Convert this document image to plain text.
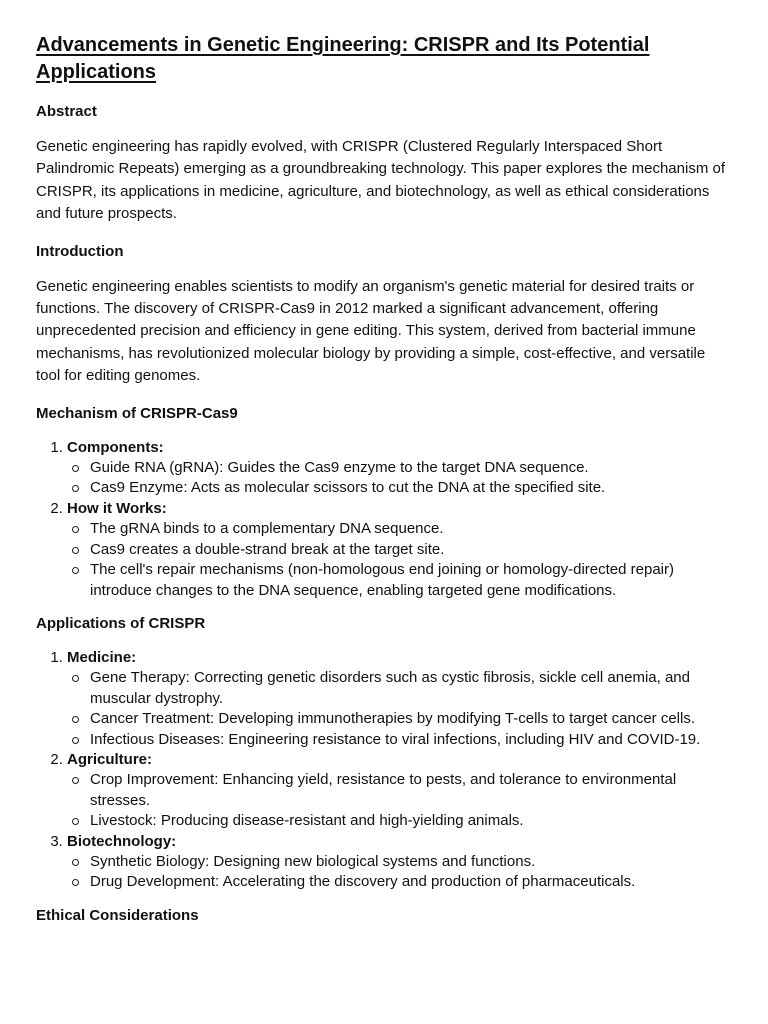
Advancements in Genetic Engineering: CRISPR and Its Potential Applications
Abstract

Genetic engineering has rapidly evolved, with CRISPR (Clustered Regularly Interspaced Short Palindromic Repeats) emerging as a groundbreaking technology. This paper explores the mechanism of CRISPR, its applications in medicine, agriculture, and biotechnology, as well as ethical considerations and future prospects.

Introduction

Genetic engineering enables scientists to modify an organism's genetic material for desired traits or functions. The discovery of CRISPR-Cas9 in 2012 marked a significant advancement, offering unprecedented precision and efficiency in gene editing. This system, derived from bacterial immune mechanisms, has revolutionized molecular biology by providing a simple, cost-effective, and versatile tool for editing genomes.

Mechanism of CRISPR-Cas9
1. Components:
Guide RNA (gRNA): Guides the Cas9 enzyme to the target DNA sequence.
Cas9 Enzyme: Acts as molecular scissors to cut the DNA at the specified site.
2. How it Works:
The gRNA binds to a complementary DNA sequence.
Cas9 creates a double-strand break at the target site.
The cell's repair mechanisms (non-homologous end joining or homology-directed repair) introduce changes to the DNA sequence, enabling targeted gene modifications.
Applications of CRISPR
1. Medicine:
Gene Therapy: Correcting genetic disorders such as cystic fibrosis, sickle cell anemia, and muscular dystrophy.
Cancer Treatment: Developing immunotherapies by modifying T-cells to target cancer cells.
Infectious Diseases: Engineering resistance to viral infections, including HIV and COVID-19.
2. Agriculture:
Crop Improvement: Enhancing yield, resistance to pests, and tolerance to environmental stresses.
Livestock: Producing disease-resistant and high-yielding animals.
3. Biotechnology:
Synthetic Biology: Designing new biological systems and functions.
Drug Development: Accelerating the discovery and production of pharmaceuticals.
Ethical Considerations
